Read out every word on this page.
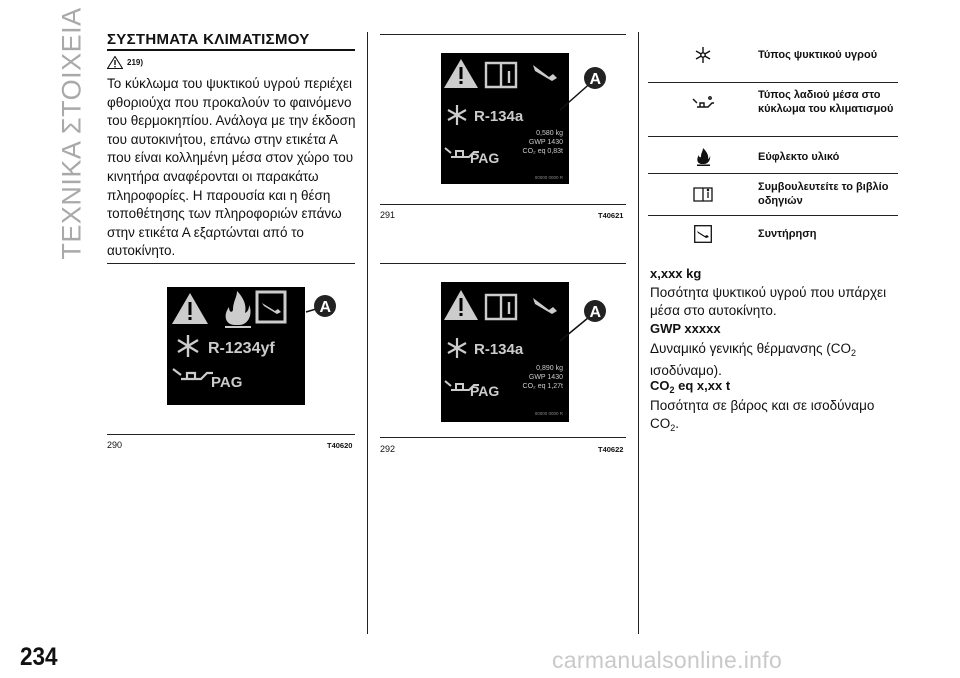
ΤΕΧΝΙΚΑ ΣΤΟΙΧΕΙΑ ΣΥΣΤΗΜΑΤΑ ΚΛΙΜΑΤΙΣΜΟΥ
219)
Το κύκλωμα του ψυκτικού υγρού περιέχει φθοριούχα που προκαλούν το φαινόμενο του θερμοκηπίου. Ανάλογα με την έκδοση του αυτοκινήτου, επάνω στην ετικέτα Α που είναι κολλημένη μέσα στον χώρο του κινητήρα αναφέρονται οι παρακάτω πληροφορίες. Η παρουσία και η θέση τοποθέτησης των πληροφοριών επάνω στην ετικέτα Α εξαρτώνται από το αυτοκίνητο.
R-1234yf
PAG
A
290	T40620
R-134a
0,580 kg
GWP 1430
CO₂ eq 0,83t
PAG
00000 0000 R
A
291	T40621
R-134a
0,890 kg
GWP 1430
CO₂ eq 1,27t
PAG
00000 0000 R
A
292	T40622
Τύπος ψυκτικού υγρού
Τύπος λαδιού μέσα στο κύκλωμα του κλιματισμού
Εύφλεκτο υλικό
Συμβουλευτείτε το βιβλίο οδηγιών
Συντήρηση
x,xxx kg
Ποσότητα ψυκτικού υγρού που υπάρχει μέσα στο αυτοκίνητο.
GWP xxxxx
Δυναμικό γενικής θέρμανσης ($CO_2$ ισοδύναμο).
$CO_2$ eq x,xx t
Ποσότητα σε βάρος και σε ισοδύναμο $CO_2$.
234	carmanualsonline.info
